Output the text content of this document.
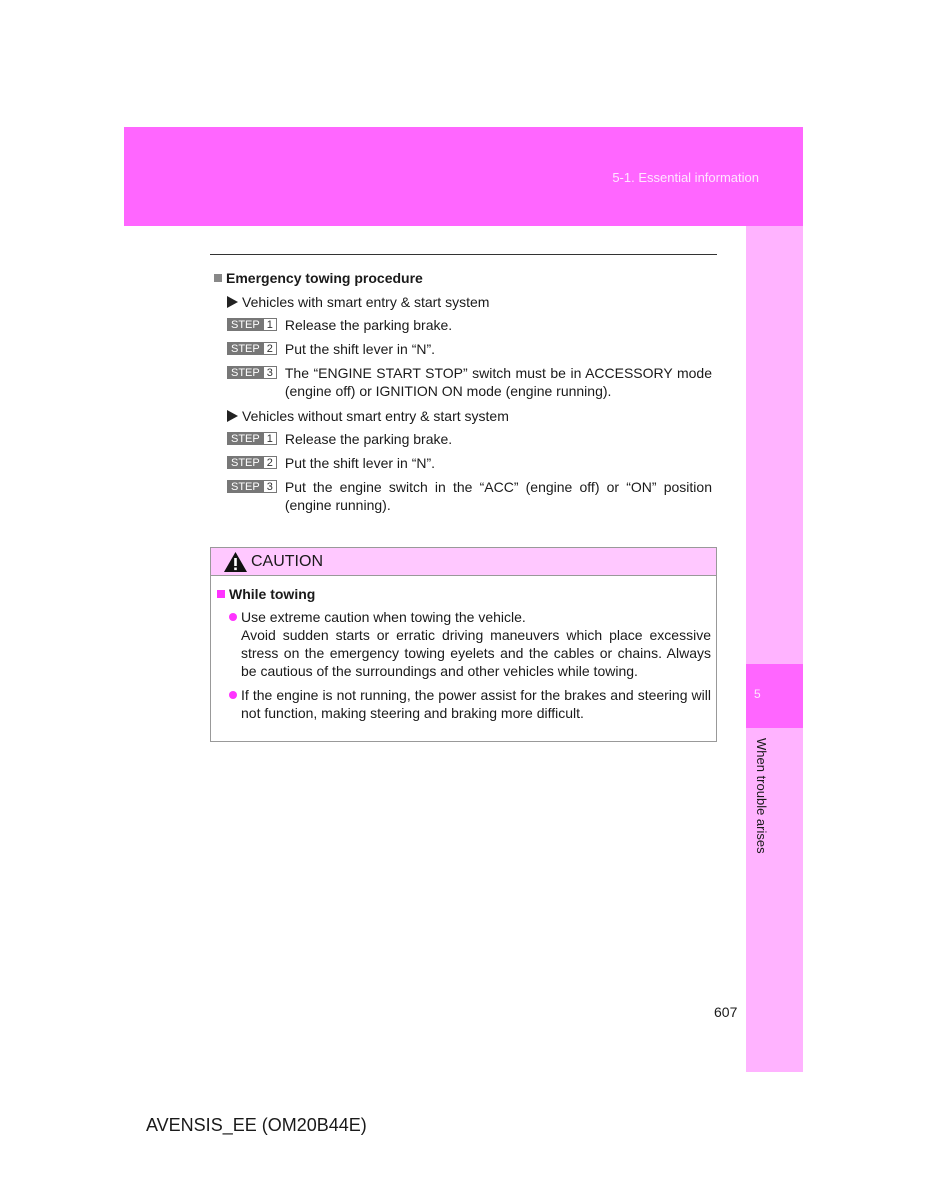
5-1. Essential information
5
When trouble arises
Emergency towing procedure
Vehicles with smart entry & start system
STEP 1 Release the parking brake.
STEP 2 Put the shift lever in “N”.
STEP 3 The “ENGINE START STOP” switch must be in ACCESSORY mode (engine off) or IGNITION ON mode (engine running).
Vehicles without smart entry & start system
STEP 1 Release the parking brake.
STEP 2 Put the shift lever in “N”.
STEP 3 Put the engine switch in the “ACC” (engine off) or “ON” position (engine running).
CAUTION
While towing

Use extreme caution when towing the vehicle.

Avoid sudden starts or erratic driving maneuvers which place excessive stress on the emergency towing eyelets and the cables or chains. Always be cautious of the surroundings and other vehicles while towing.

If the engine is not running, the power assist for the brakes and steering will not function, making steering and braking more difficult.

607
AVENSIS_EE (OM20B44E)
